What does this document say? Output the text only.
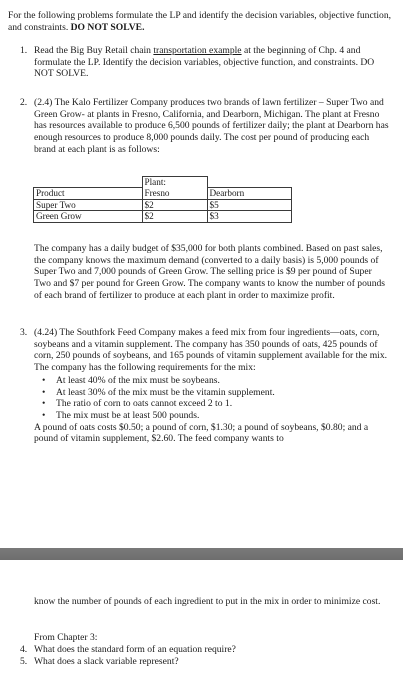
For the following problems formulate the LP and identify the decision variables, objective function, and constraints. DO NOT SOLVE.

1. Read the Big Buy Retail chain transportation example at the beginning of Chp. 4 and formulate the LP. Identify the decision variables, objective function, and constraints. DO NOT SOLVE.

2. (2.4) The Kalo Fertilizer Company produces two brands of lawn fertilizer – Super Two and Green Grow- at plants in Fresno, California, and Dearborn, Michigan. The plant at Fresno has resources available to produce 6,500 pounds of fertilizer daily; the plant at Dearborn has enough resources to produce 8,000 pounds daily. The cost per pound of producing each brand at each plant is as follows:

	Plant:	
Product	Fresno	Dearborn
Super Two	$2	$5
Green Grow	$2	$3

The company has a daily budget of $35,000 for both plants combined. Based on past sales, the company knows the maximum demand (converted to a daily basis) is 5,000 pounds of Super Two and 7,000 pounds of Green Grow. The selling price is $9 per pound of Super Two and $7 per pound for Green Grow. The company wants to know the number of pounds of each brand of fertilizer to produce at each plant in order to maximize profit.

3. (4.24) The Southfork Feed Company makes a feed mix from four ingredients—oats, corn, soybeans and a vitamin supplement. The company has 350 pounds of oats, 425 pounds of corn, 250 pounds of soybeans, and 165 pounds of vitamin supplement available for the mix. The company has the following requirements for the mix:

• At least 40% of the mix must be soybeans.
• At least 30% of the mix must be the vitamin supplement.
• The ratio of corn to oats cannot exceed 2 to 1.
• The mix must be at least 500 pounds.

A pound of oats costs $0.50; a pound of corn, $1.30; a pound of soybeans, $0.80; and a pound of vitamin supplement, $2.60. The feed company wants to

know the number of pounds of each ingredient to put in the mix in order to minimize cost.

From Chapter 3:

4. What does the standard form of an equation require?

5. What does a slack variable represent?
